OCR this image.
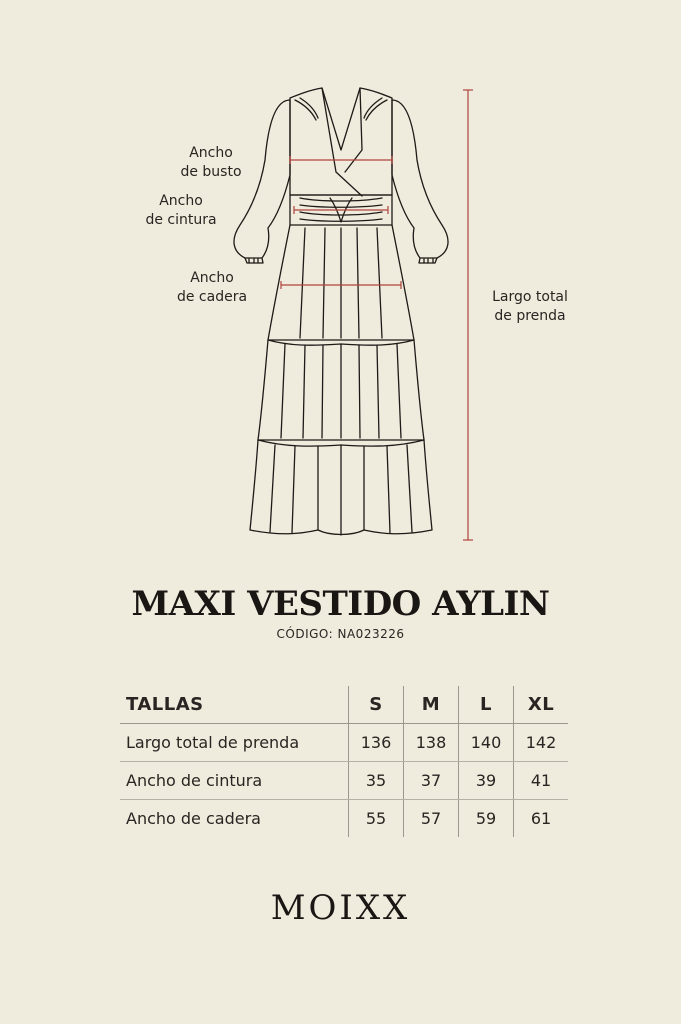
Ancho
de busto
Ancho
de cintura
Ancho
de cadera	Largo total
de prenda
MAXI VESTIDO AYLIN
CÓDIGO: NA023226
TALLAS	S	M	L	XL
Largo total de prenda	136	138	140	142
Ancho de cintura	35	37	39	41
Ancho de cadera	55	57	59	61
MOIXX
